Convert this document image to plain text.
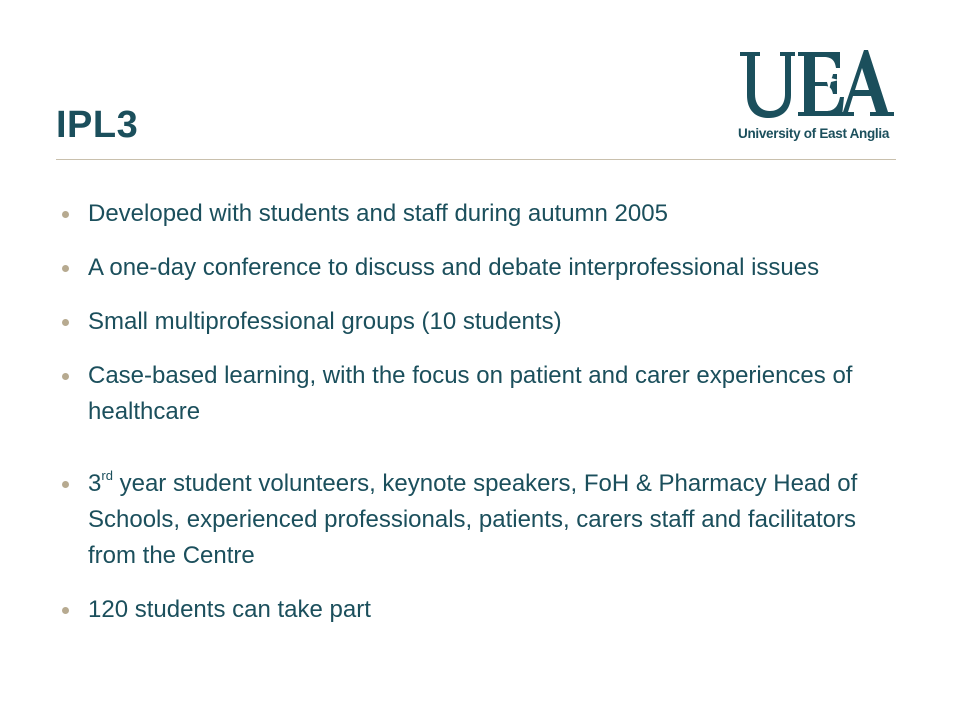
University of East Anglia
IPL3
Developed with students and staff during autumn 2005
A one-day conference to discuss and debate interprofessional issues
Small multiprofessional groups (10 students)
Case-based learning, with the focus on patient and carer experiences of healthcare
3rd year student volunteers, keynote speakers, FoH & Pharmacy Head of Schools, experienced professionals, patients, carers staff and facilitators from the Centre
120 students can take part
